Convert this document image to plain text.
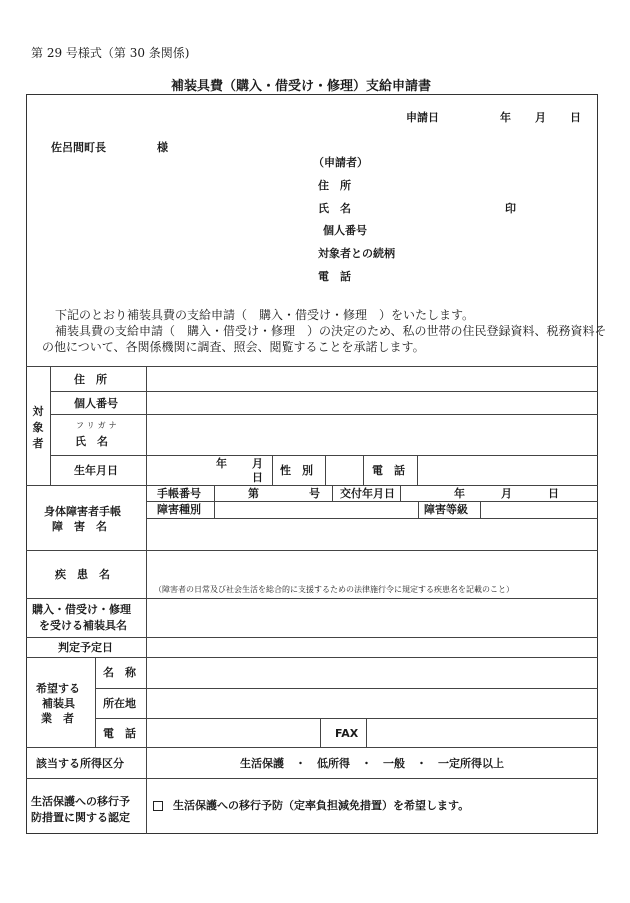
第 29 号様式（第 30 条関係)
補装具費（購入・借受け・修理）支給申請書
申請日	年 月 日
佐呂間町長	様
（申請者）
住　所
氏　名	印
個人番号
対象者との続柄
電　話
下記のとおり補装具費の支給申請（　購入・借受け・修理　）をいたします。
補装具費の支給申請（　購入・借受け・修理　）の決定のため、私の世帯の住民登録資料、税務資料そ
の他について、各関係機関に調査、照会、閲覧することを承諾します。
対象者
住　所
個人番号
フリガナ
氏　名
生年月日
年 月
日
性　別	電　話
身体障害者手帳
障　害　名
手帳番号	第	号 交付年月日	年	月	日
障害種別	障害等級
疾　患　名
（障害者の日常及び社会生活を総合的に支援するための法律施行令に規定する疾患名を記載のこと）
購入・借受け・修理
を受ける補装具名
判定予定日
希望する
補装具
業　者
名　称
所在地
電　話	FAX
該当する所得区分	生活保護　・　低所得　・　一般　・　一定所得以上
生活保護への移行予
防措置に関する認定
生活保護への移行予防（定率負担減免措置）を希望します。
